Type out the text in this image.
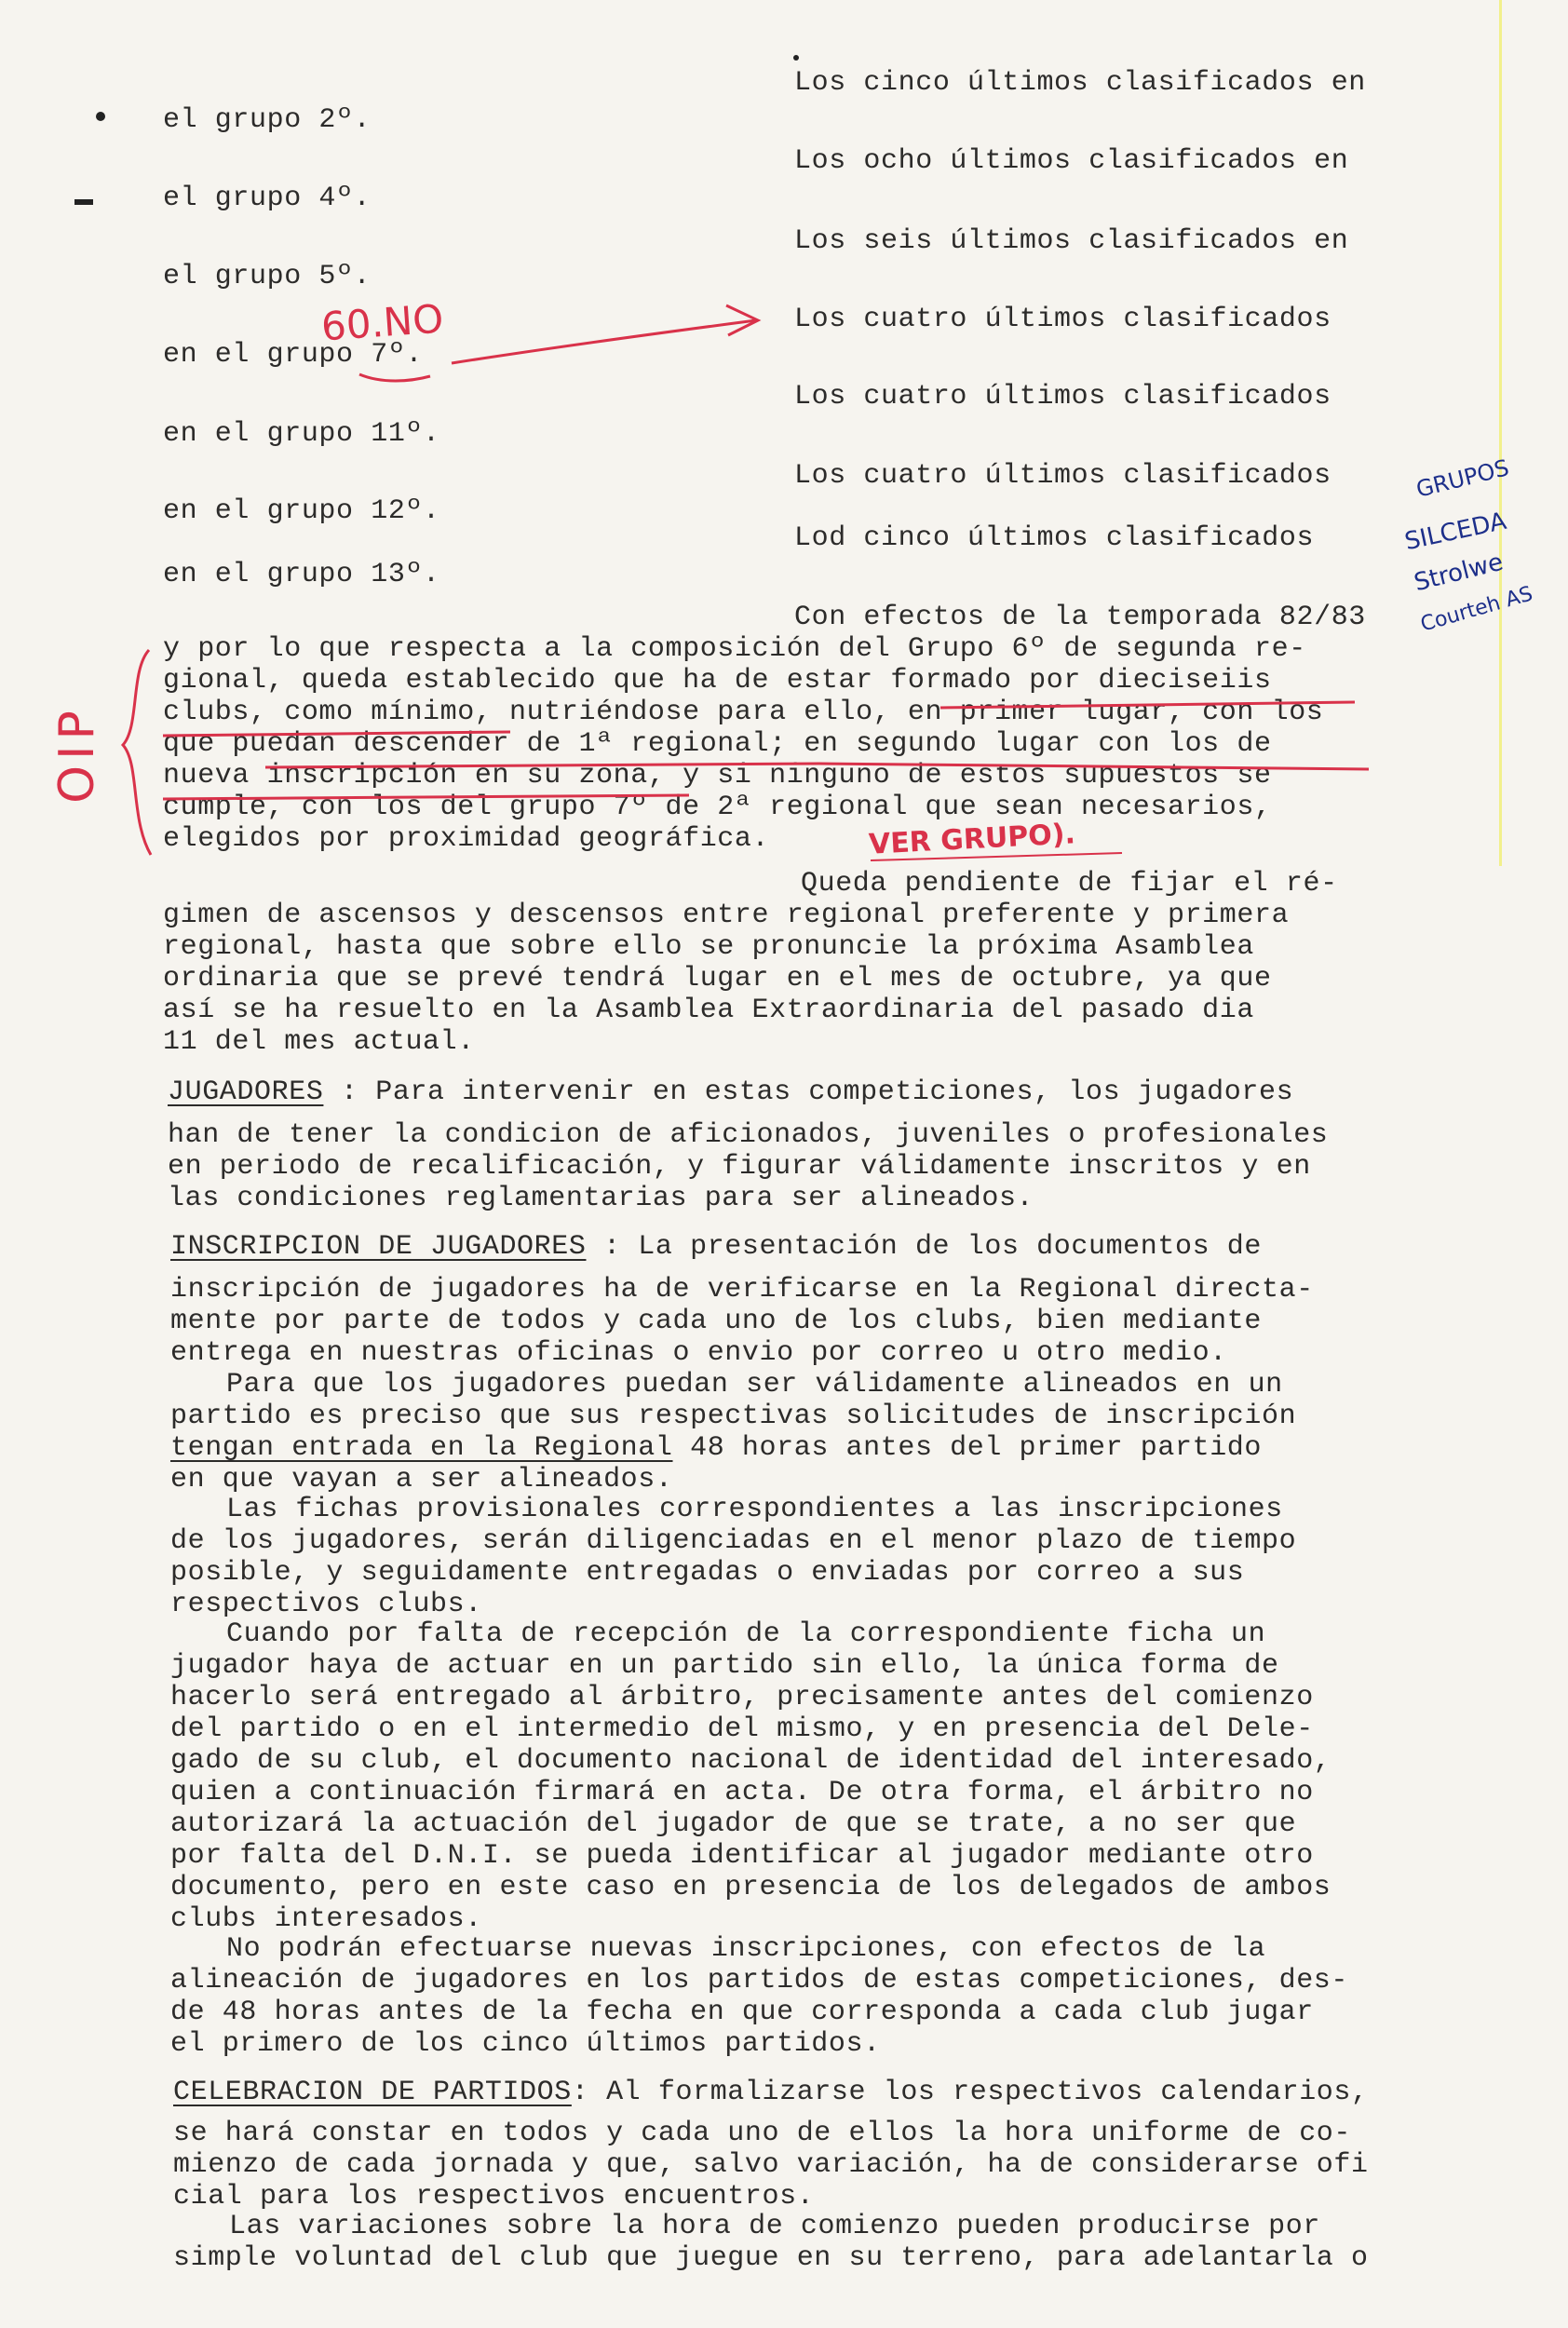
Los cinco últimos clasificados en
el grupo 2º.
Los ocho últimos clasificados en
el grupo 4º.
Los seis últimos clasificados en
el grupo 5º.
Los cuatro últimos clasificados
en el grupo 7º.
Los cuatro últimos clasificados
en el grupo 11º.
Los cuatro últimos clasificados
en el grupo 12º.
Lod cinco últimos clasificados
en el grupo 13º.
Con efectos de la temporada 82/83
y por lo que respecta a la composición del Grupo 6º de segunda re-
gional, queda establecido que ha de estar formado por dieciseiis
clubs, como mínimo, nutriéndose para ello, en primer lugar, con los
que puedan descender de 1ª regional; en segundo lugar con los de
nueva inscripción en su zona, y si ninguno de estos supuestos se
cumple, con los del grupo 7º de 2ª regional que sean necesarios,
elegidos por proximidad geográfica.
Queda pendiente de fijar el ré-
gimen de ascensos y descensos entre regional preferente y primera
regional, hasta que sobre ello se pronuncie la próxima Asamblea
ordinaria que se prevé tendrá lugar en el mes de octubre, ya que
así se ha resuelto en la Asamblea Extraordinaria del pasado dia
11 del mes actual.
JUGADORES : Para intervenir en estas competiciones, los jugadores
han de tener la condicion de aficionados, juveniles o profesionales
en periodo de recalificación, y figurar válidamente inscritos y en
las condiciones reglamentarias para ser alineados.
INSCRIPCION DE JUGADORES : La presentación de los documentos de
inscripción de jugadores ha de verificarse en la Regional directa-
mente por parte de todos y cada uno de los clubs, bien mediante
entrega en nuestras oficinas o envio por correo u otro medio.
Para que los jugadores puedan ser válidamente alineados en un
partido es preciso que sus respectivas solicitudes de inscripción
tengan entrada en la Regional 48 horas antes del primer partido
en que vayan a ser alineados.
Las fichas provisionales correspondientes a las inscripciones
de los jugadores, serán diligenciadas en el menor plazo de tiempo
posible, y seguidamente entregadas o enviadas por correo a sus
respectivos clubs.
Cuando por falta de recepción de la correspondiente ficha un
jugador haya de actuar en un partido sin ello, la única forma de
hacerlo será entregado al árbitro, precisamente antes del comienzo
del partido o en el intermedio del mismo, y en presencia del Dele-
gado de su club, el documento nacional de identidad del interesado,
quien a continuación firmará en acta. De otra forma, el árbitro no
autorizará la actuación del jugador de que se trate, a no ser que
por falta del D.N.I. se pueda identificar al jugador mediante otro
documento, pero en este caso en presencia de los delegados de ambos
clubs interesados.
No podrán efectuarse nuevas inscripciones, con efectos de la
alineación de jugadores en los partidos de estas competiciones, des-
de 48 horas antes de la fecha en que corresponda a cada club jugar
el primero de los cinco últimos partidos.
CELEBRACION DE PARTIDOS: Al formalizarse los respectivos calendarios,
se hará constar en todos y cada uno de ellos la hora uniforme de co-
mienzo de cada jornada y que, salvo variación, ha de considerarse ofi
cial para los respectivos encuentros.
Las variaciones sobre la hora de comienzo pueden producirse por
simple voluntad del club que juegue en su terreno, para adelantarla o
60.NO
OIP
VER GRUPO).
GRUPOS
SILCEDA
Strolwe
Courteh AS
